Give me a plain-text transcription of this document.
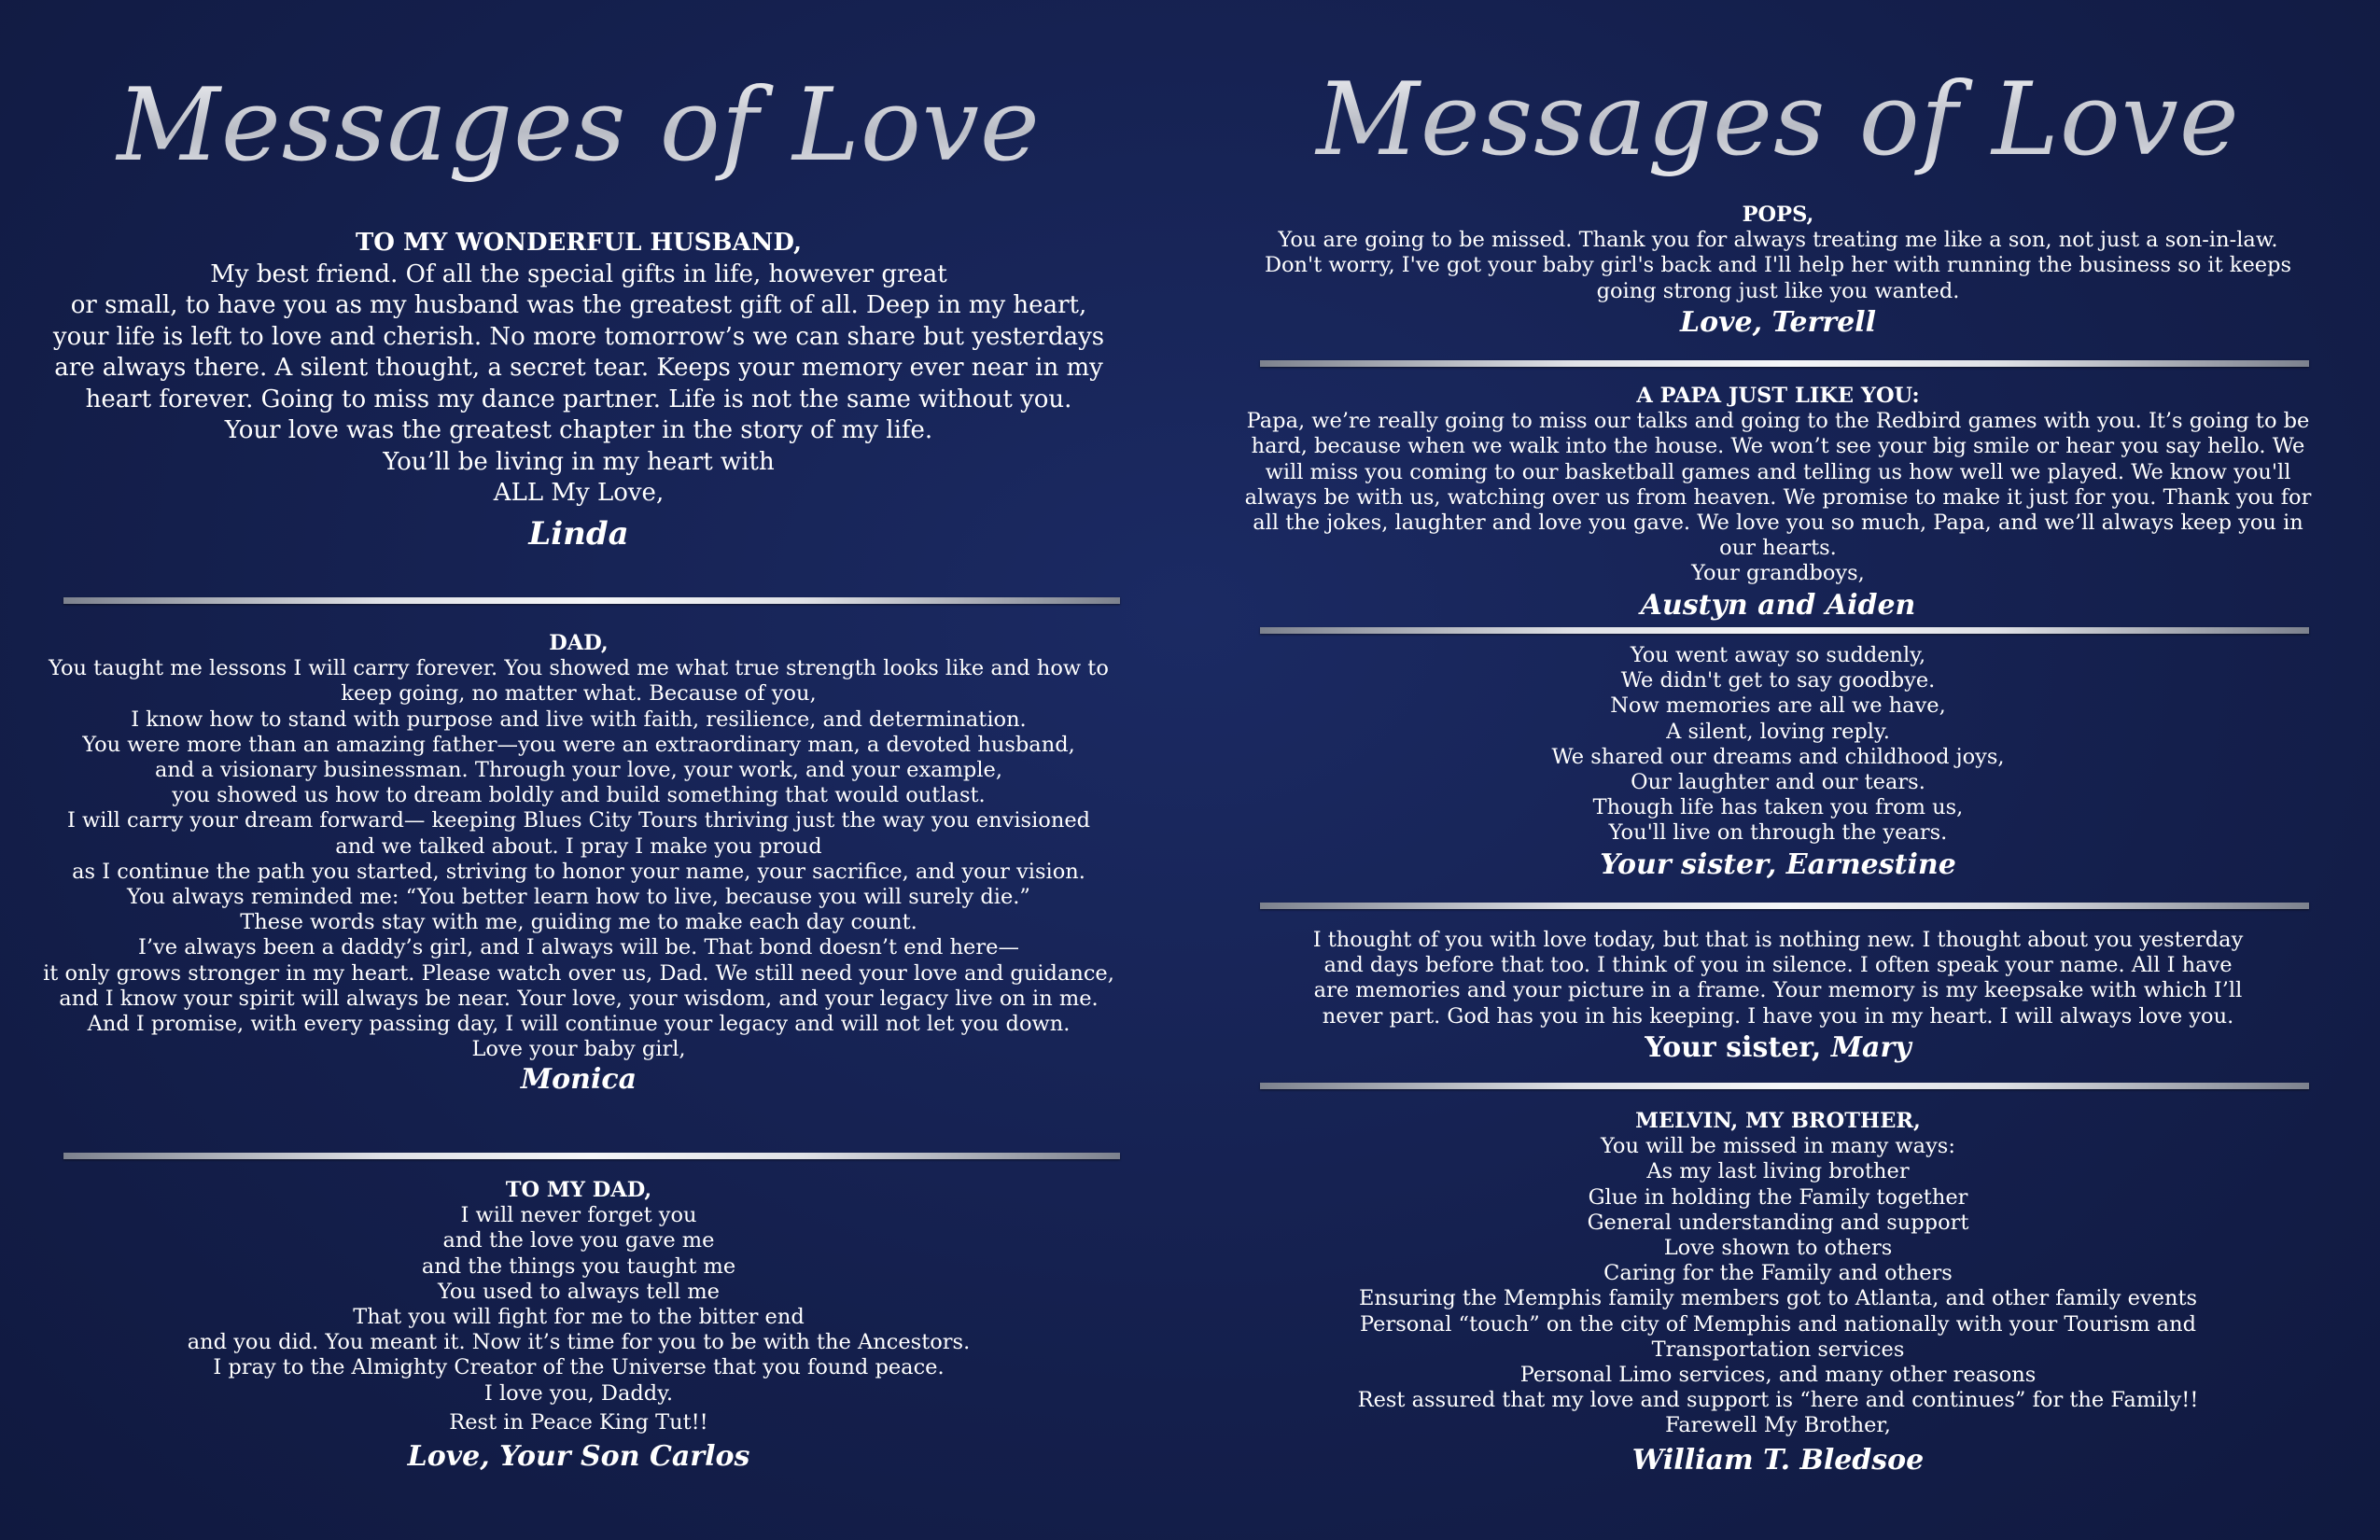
Messages of Love

TO MY WONDERFUL HUSBAND,

My best friend. Of all the special gifts in life, however great

or small, to have you as my husband was the greatest gift of all. Deep in my heart,

your life is left to love and cherish. No more tomorrow’s we can share but yesterdays

are always there. A silent thought, a secret tear. Keeps your memory ever near in my

heart forever. Going to miss my dance partner. Life is not the same without you.

Your love was the greatest chapter in the story of my life.

You’ll be living in my heart with

ALL My Love,

Linda

DAD,

You taught me lessons I will carry forever. You showed me what true strength looks like and how to

keep going, no matter what. Because of you,

I know how to stand with purpose and live with faith, resilience, and determination.

You were more than an amazing father—you were an extraordinary man, a devoted husband,

and a visionary businessman. Through your love, your work, and your example,

you showed us how to dream boldly and build something that would outlast.

I will carry your dream forward— keeping Blues City Tours thriving just the way you envisioned

and we talked about. I pray I make you proud

as I continue the path you started, striving to honor your name, your sacrifice, and your vision.

You always reminded me: “You better learn how to live, because you will surely die.”

These words stay with me, guiding me to make each day count.

I’ve always been a daddy’s girl, and I always will be. That bond doesn’t end here—

it only grows stronger in my heart. Please watch over us, Dad. We still need your love and guidance,

and I know your spirit will always be near. Your love, your wisdom, and your legacy live on in me.

And I promise, with every passing day, I will continue your legacy and will not let you down.

Love your baby girl,

Monica

TO MY DAD,

I will never forget you

and the love you gave me

and the things you taught me

You used to always tell me

That you will fight for me to the bitter end

and you did. You meant it. Now it’s time for you to be with the Ancestors.

I pray to the Almighty Creator of the Universe that you found peace.

I love you, Daddy.

Rest in Peace King Tut!!

Love, Your Son Carlos

Messages of Love

POPS,

You are going to be missed. Thank you for always treating me like a son, not just a son-in-law.

Don't worry, I've got your baby girl's back and I'll help her with running the business so it keeps

going strong just like you wanted.

Love, Terrell

A PAPA JUST LIKE YOU:

Papa, we’re really going to miss our talks and going to the Redbird games with you. It’s going to be

hard, because when we walk into the house. We won’t see your big smile or hear you say hello. We

will miss you coming to our basketball games and telling us how well we played. We know you'll

always be with us, watching over us from heaven. We promise to make it just for you. Thank you for

all the jokes, laughter and love you gave. We love you so much, Papa, and we’ll always keep you in

our hearts.

Your grandboys,

Austyn and Aiden

You went away so suddenly,

We didn't get to say goodbye.

Now memories are all we have,

A silent, loving reply.

We shared our dreams and childhood joys,

Our laughter and our tears.

Though life has taken you from us,

You'll live on through the years.

Your sister, Earnestine

I thought of you with love today, but that is nothing new. I thought about you yesterday

and days before that too. I think of you in silence. I often speak your name. All I have

are memories and your picture in a frame. Your memory is my keepsake with which I’ll

never part. God has you in his keeping. I have you in my heart. I will always love you.

Your sister, Mary

MELVIN, MY BROTHER,

You will be missed in many ways:

As my last living brother

Glue in holding the Family together

General understanding and support

Love shown to others

Caring for the Family and others

Ensuring the Memphis family members got to Atlanta, and other family events

Personal “touch” on the city of Memphis and nationally with your Tourism and

Transportation services

Personal Limo services, and many other reasons

Rest assured that my love and support is “here and continues” for the Family!!

Farewell My Brother,

William T. Bledsoe
